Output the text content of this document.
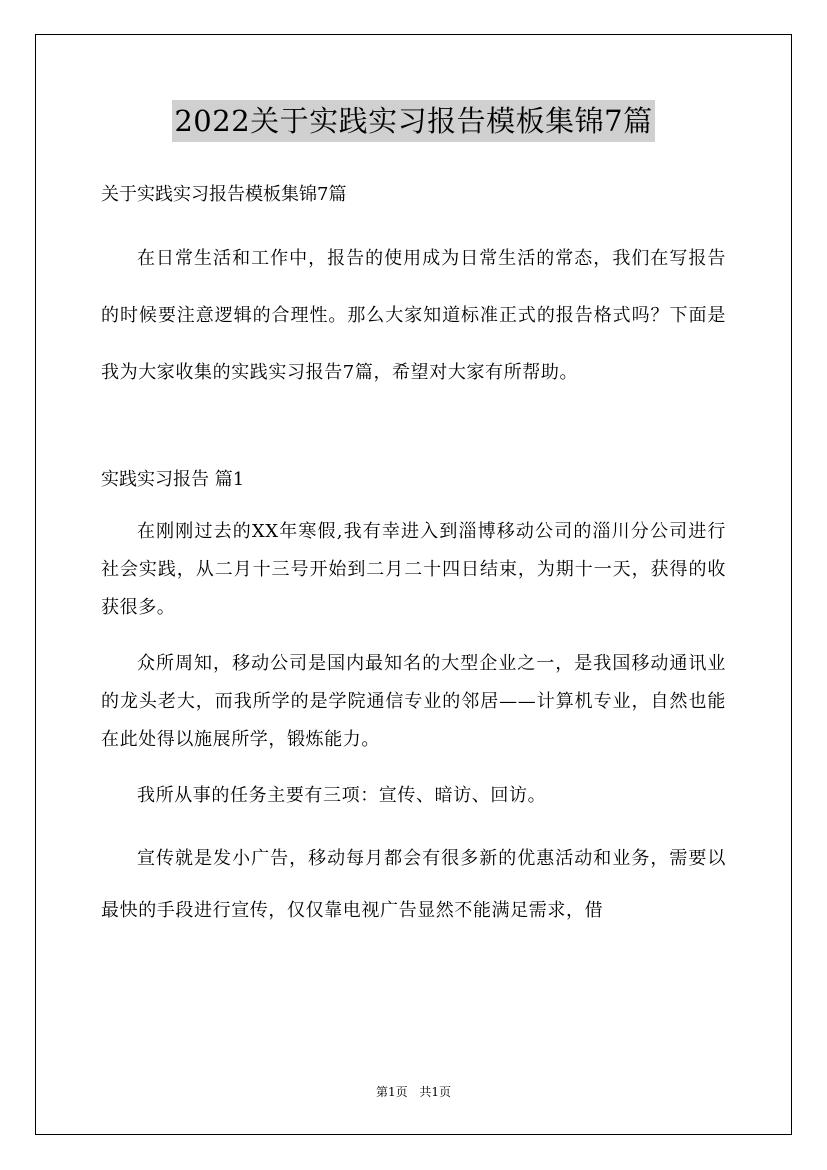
2022关于实践实习报告模板集锦7篇

关于实践实习报告模板集锦7篇

在日常生活和工作中，报告的使用成为日常生活的常态，我们在写报告的时候要注意逻辑的合理性。那么大家知道标准正式的报告格式吗？下面是我为大家收集的实践实习报告7篇，希望对大家有所帮助。

实践实习报告 篇1

在刚刚过去的XX年寒假,我有幸进入到淄博移动公司的淄川分公司进行社会实践，从二月十三号开始到二月二十四日结束，为期十一天，获得的收获很多。

众所周知，移动公司是国内最知名的大型企业之一，是我国移动通讯业的龙头老大，而我所学的是学院通信专业的邻居——计算机专业，自然也能在此处得以施展所学，锻炼能力。

我所从事的任务主要有三项：宣传、暗访、回访。

宣传就是发小广告，移动每月都会有很多新的优惠活动和业务，需要以最快的手段进行宣传，仅仅靠电视广告显然不能满足需求，借

第1页 共1页
